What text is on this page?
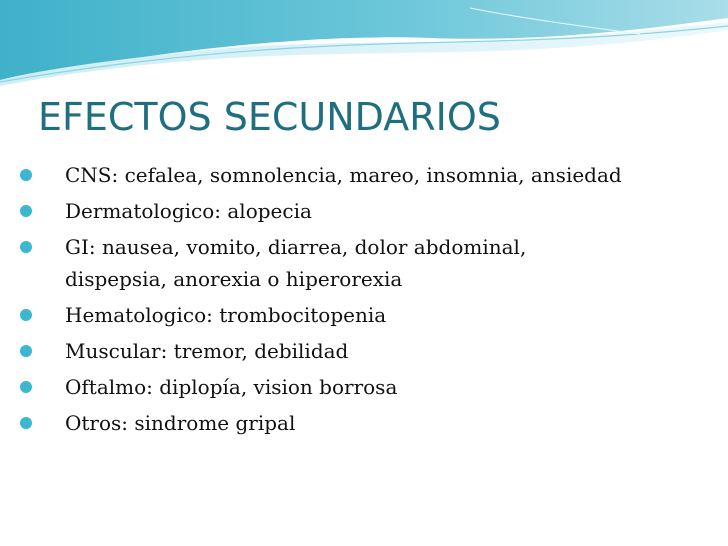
EFECTOS SECUNDARIOS
CNS: cefalea, somnolencia, mareo, insomnia, ansiedad
Dermatologico: alopecia
GI: nausea, vomito, diarrea, dolor abdominal, dispepsia, anorexia o hiperorexia
Hematologico: trombocitopenia
Muscular: tremor, debilidad
Oftalmo: diplopía, vision borrosa
Otros: sindrome gripal
